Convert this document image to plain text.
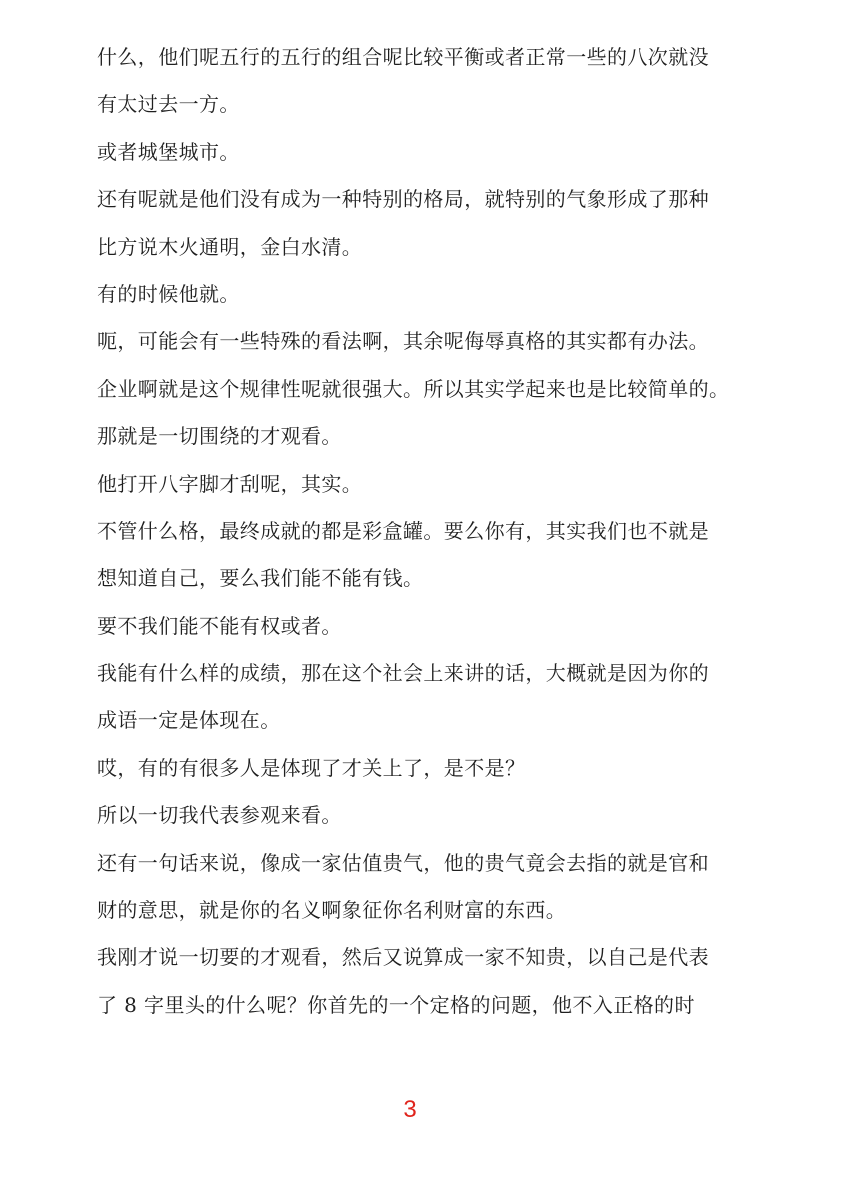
什么，他们呢五行的五行的组合呢比较平衡或者正常一些的八次就没

有太过去一方。

或者城堡城市。

还有呢就是他们没有成为一种特别的格局，就特别的气象形成了那种

比方说木火通明，金白水清。

有的时候他就。

呃，可能会有一些特殊的看法啊，其余呢侮辱真格的其实都有办法。

企业啊就是这个规律性呢就很强大。所以其实学起来也是比较简单的。

那就是一切围绕的才观看。

他打开八字脚才刮呢，其实。

不管什么格，最终成就的都是彩盒罐。要么你有，其实我们也不就是

想知道自己，要么我们能不能有钱。

要不我们能不能有权或者。

我能有什么样的成绩，那在这个社会上来讲的话，大概就是因为你的

成语一定是体现在。

哎，有的有很多人是体现了才关上了，是不是？

所以一切我代表参观来看。

还有一句话来说，像成一家估值贵气，他的贵气竟会去指的就是官和

财的意思，就是你的名义啊象征你名利财富的东西。

我刚才说一切要的才观看，然后又说算成一家不知贵，以自己是代表

了 8 字里头的什么呢？你首先的一个定格的问题，他不入正格的时

3
